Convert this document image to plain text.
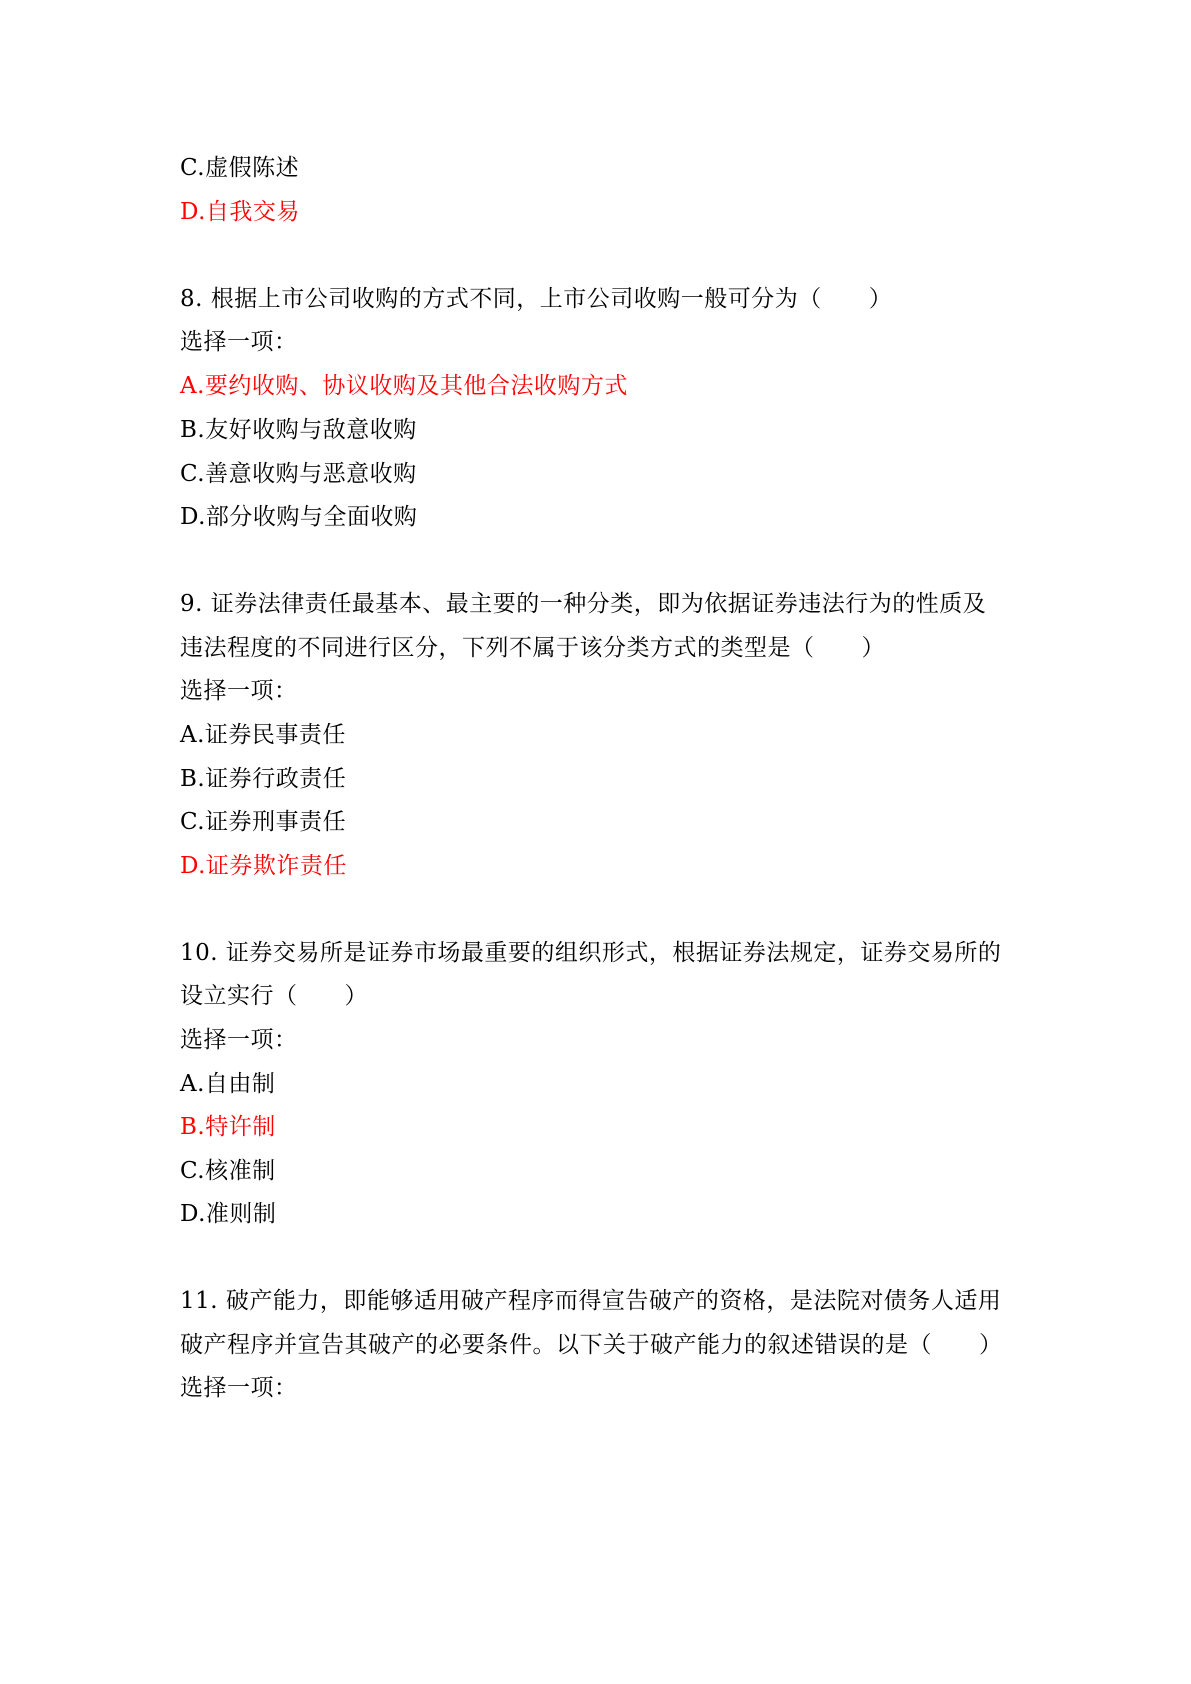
C.虚假陈述
D.自我交易
8. 根据上市公司收购的方式不同，上市公司收购一般可分为（　　）
选择一项：
A.要约收购、协议收购及其他合法收购方式
B.友好收购与敌意收购
C.善意收购与恶意收购
D.部分收购与全面收购
9. 证券法律责任最基本、最主要的一种分类，即为依据证券违法行为的性质及
违法程度的不同进行区分，下列不属于该分类方式的类型是（　　）
选择一项：
A.证券民事责任
B.证券行政责任
C.证券刑事责任
D.证券欺诈责任
10. 证券交易所是证券市场最重要的组织形式，根据证券法规定，证券交易所的
设立实行（　　）
选择一项：
A.自由制
B.特许制
C.核准制
D.准则制
11. 破产能力，即能够适用破产程序而得宣告破产的资格，是法院对债务人适用
破产程序并宣告其破产的必要条件。以下关于破产能力的叙述错误的是（　　）
选择一项：
